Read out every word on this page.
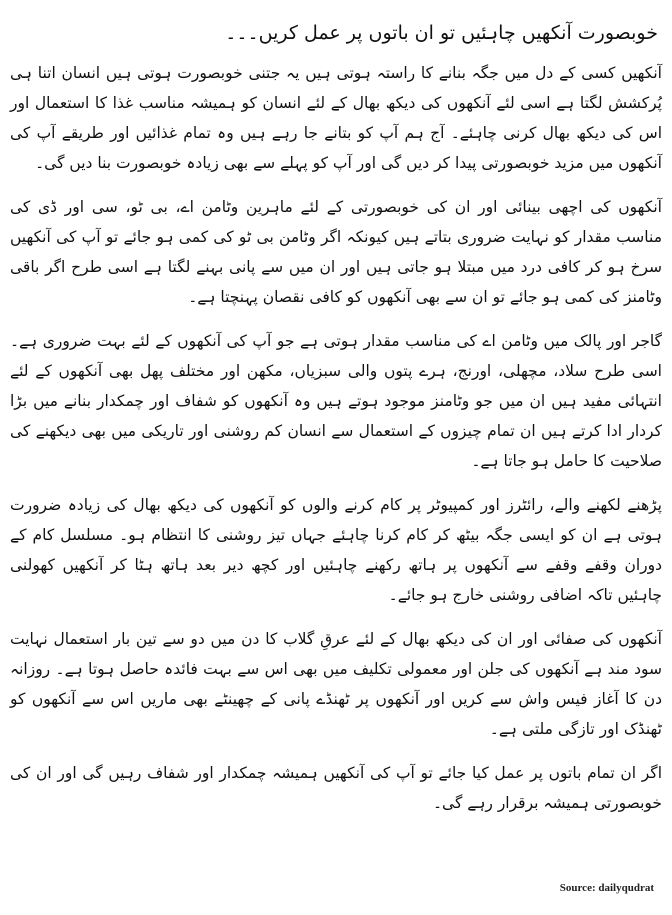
خوبصورت آنکھیں چاہئیں تو ان باتوں پر عمل کریں۔۔۔

آنکھیں کسی کے دل میں جگہ بنانے کا راستہ ہوتی ہیں یہ جتنی خوبصورت ہوتی ہیں انسان اتنا ہی پُرکشش لگتا ہے اسی لئے آنکھوں کی دیکھ بھال کے لئے انسان کو ہمیشہ مناسب غذا کا استعمال اور اس کی دیکھ بھال کرنی چاہئے۔ آج ہم آپ کو بتانے جا رہے ہیں وہ تمام غذائیں اور طریقے آپ کی آنکھوں میں مزید خوبصورتی پیدا کر دیں گی اور آپ کو پہلے سے بھی زیادہ خوبصورت بنا دیں گی۔

آنکھوں کی اچھی بینائی اور ان کی خوبصورتی کے لئے ماہرین وٹامن اے، بی ٹو، سی اور ڈی کی مناسب مقدار کو نہایت ضروری بتاتے ہیں کیونکہ اگر وٹامن بی ٹو کی کمی ہو جائے تو آپ کی آنکھیں سرخ ہو کر کافی درد میں مبتلا ہو جاتی ہیں اور ان میں سے پانی بہنے لگتا ہے اسی طرح اگر باقی وٹامنز کی کمی ہو جائے تو ان سے بھی آنکھوں کو کافی نقصان پہنچتا ہے۔

گاجر اور پالک میں وٹامن اے کی مناسب مقدار ہوتی ہے جو آپ کی آنکھوں کے لئے بہت ضروری ہے۔ اسی طرح سلاد، مچھلی، اورنج، ہرے پتوں والی سبزیاں، مکھن اور مختلف پھل بھی آنکھوں کے لئے انتہائی مفید ہیں ان میں جو وٹامنز موجود ہوتے ہیں وہ آنکھوں کو شفاف اور چمکدار بنانے میں بڑا کردار ادا کرتے ہیں ان تمام چیزوں کے استعمال سے انسان کم روشنی اور تاریکی میں بھی دیکھنے کی صلاحیت کا حامل ہو جاتا ہے۔

پڑھنے لکھنے والے، رائٹرز اور کمپیوٹر پر کام کرنے والوں کو آنکھوں کی دیکھ بھال کی زیادہ ضرورت ہوتی ہے ان کو ایسی جگہ بیٹھ کر کام کرنا چاہئے جہاں تیز روشنی کا انتظام ہو۔ مسلسل کام کے دوران وقفے وقفے سے آنکھوں پر ہاتھ رکھنے چاہئیں اور کچھ دیر بعد ہاتھ ہٹا کر آنکھیں کھولنی چاہئیں تاکہ اضافی روشنی خارج ہو جائے۔

آنکھوں کی صفائی اور ان کی دیکھ بھال کے لئے عرقِ گلاب کا دن میں دو سے تین بار استعمال نہایت سود مند ہے آنکھوں کی جلن اور معمولی تکلیف میں بھی اس سے بہت فائدہ حاصل ہوتا ہے۔ روزانہ دن کا آغاز فیس واش سے کریں اور آنکھوں پر ٹھنڈے پانی کے چھینٹے بھی ماریں اس سے آنکھوں کو ٹھنڈک اور تازگی ملتی ہے۔

اگر ان تمام باتوں پر عمل کیا جائے تو آپ کی آنکھیں ہمیشہ چمکدار اور شفاف رہیں گی اور ان کی خوبصورتی ہمیشہ برقرار رہے گی۔

Source: dailyqudrat
